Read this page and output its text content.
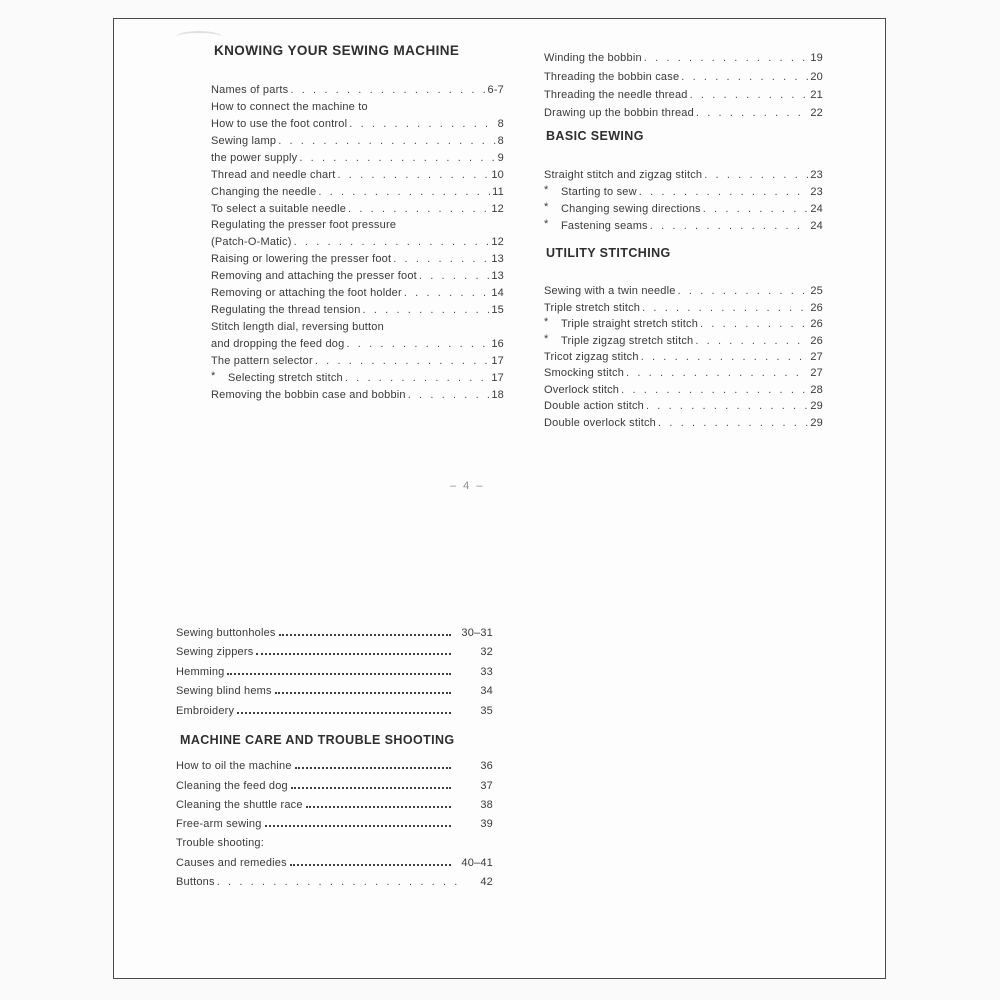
KNOWING YOUR SEWING MACHINE
Names of parts . . .	6-7
How to connect the machine to
How to use the foot control . . .	8
Sewing lamp . . .	8
the power supply . . .	9
Thread and needle chart . . .	10
Changing the needle . . .	11
To select a suitable needle . . .	12
Regulating the presser foot pressure
(Patch-O-Matic) . . .	12
Raising or lowering the presser foot . . .	13
Removing and attaching the presser foot . . .	13
Removing or attaching the foot holder . . .	14
Regulating the thread tension . . .	15
Stitch length dial, reversing button
and dropping the feed dog . . .	16
The pattern selector . . .	17
*	Selecting stretch stitch . . .	17
Removing the bobbin case and bobbin . . .	18
Winding the bobbin . . .	19
Threading the bobbin case . . .	20
Threading the needle thread . . .	21
Drawing up the bobbin thread . . .	22
BASIC SEWING
Straight stitch and zigzag stitch . . .	23
*	Starting to sew . . .	23
*	Changing sewing directions . . .	24
*	Fastening seams . . .	24
UTILITY STITCHING
Sewing with a twin needle . . .	25
Triple stretch stitch . . .	26
*	Triple straight stretch stitch . . .	26
*	Triple zigzag stretch stitch . . .	26
Tricot zigzag stitch . . .	27
Smocking stitch . . .	27
Overlock stitch . . .	28
Double action stitch . . .	29
Double overlock stitch . . .	29
– 4 –
Sewing buttonholes	30–31
Sewing zippers	32
Hemming	33
Sewing blind hems	34
Embroidery	35
MACHINE CARE AND TROUBLE SHOOTING
How to oil the machine	36
Cleaning the feed dog	37
Cleaning the shuttle race	38
Free-arm sewing	39
Trouble shooting:
Causes and remedies	40–41
Buttons . . .	42
